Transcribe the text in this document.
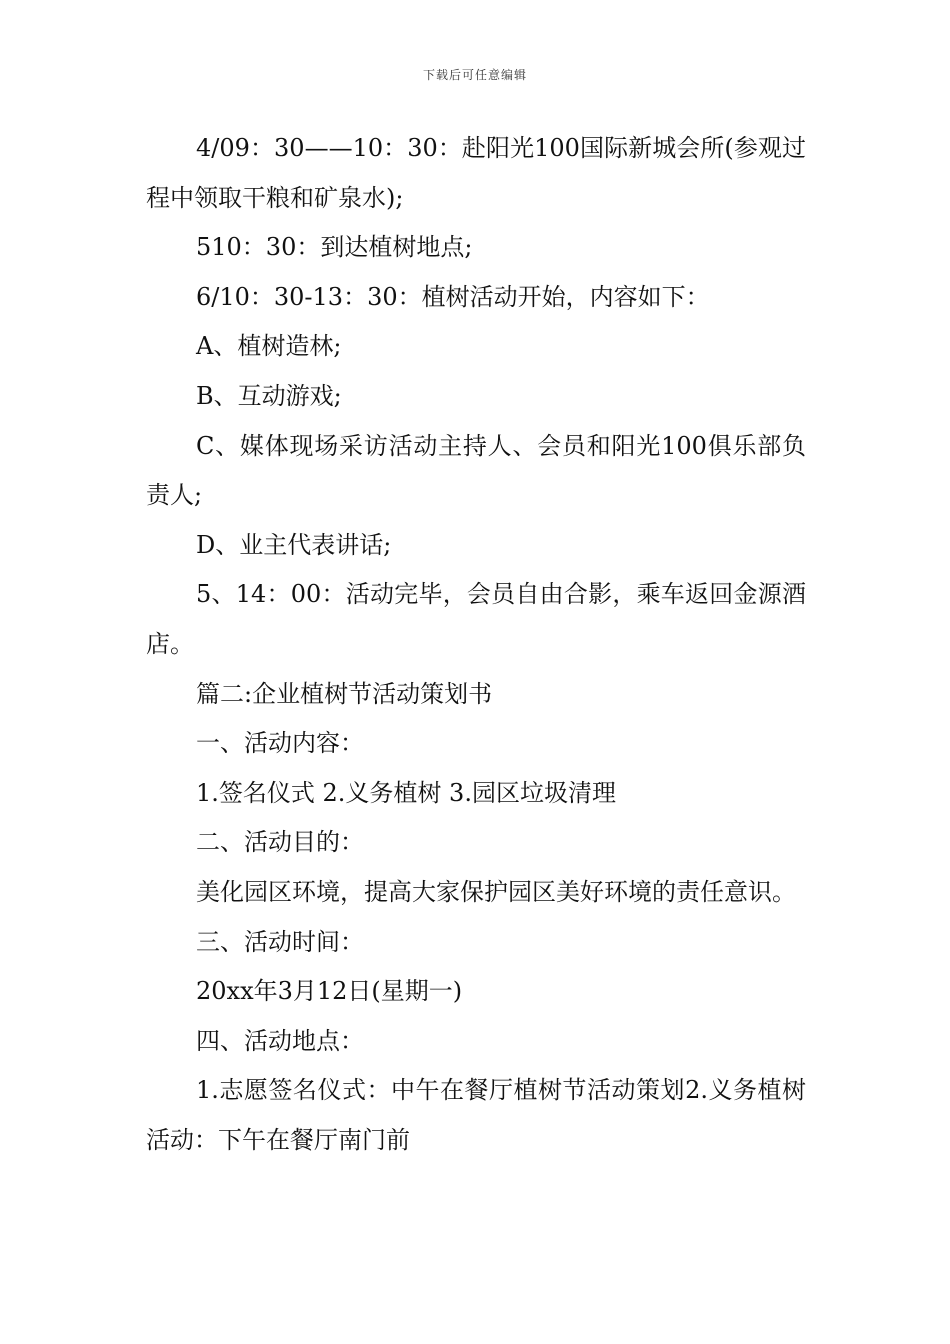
下载后可任意编辑

4/09：30——10：30：赴阳光100国际新城会所(参观过程中领取干粮和矿泉水);

510：30：到达植树地点;

6/10：30-13：30：植树活动开始，内容如下：

A、植树造林;

B、互动游戏;

C、媒体现场采访活动主持人、会员和阳光100俱乐部负责人;

D、业主代表讲话;

5、14：00：活动完毕，会员自由合影，乘车返回金源酒店。

篇二:企业植树节活动策划书

一、活动内容：

1.签名仪式 2.义务植树 3.园区垃圾清理

二、活动目的：

美化园区环境，提高大家保护园区美好环境的责任意识。

三、活动时间：

20xx年3月12日(星期一)

四、活动地点：

1.志愿签名仪式：中午在餐厅植树节活动策划2.义务植树活动：下午在餐厅南门前
